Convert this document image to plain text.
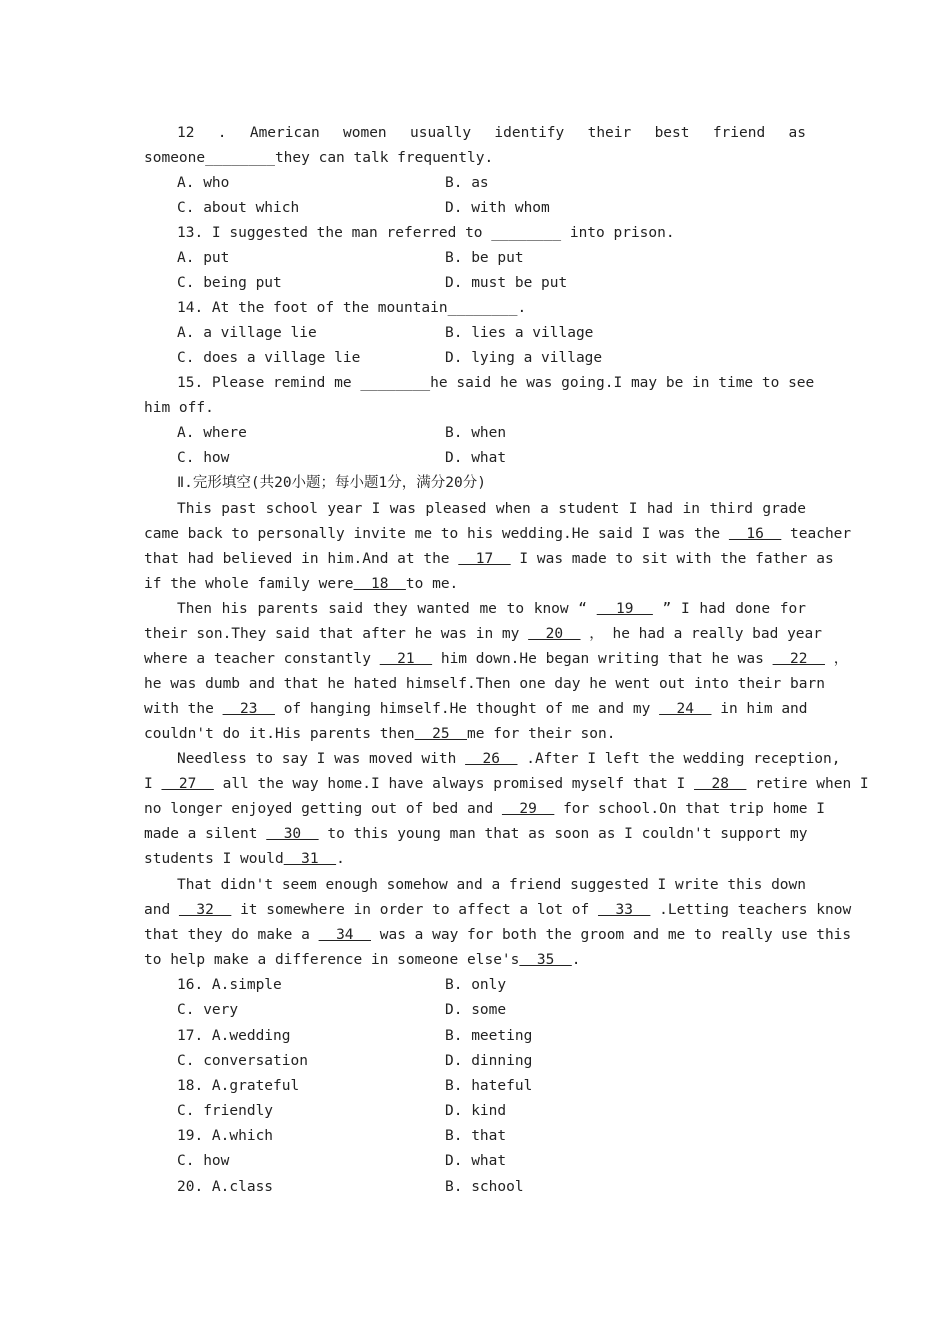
12 . American women usually identify their best friend as
someone________they can talk frequently.
A. who	B. as
C. about which	D. with whom
13. I suggested the man referred to ________ into prison.
A. put	B. be put
C. being put	D. must be put
14. At the foot of the mountain________.
A. a village lie	B. lies a village
C. does a village lie	D. lying a village
15. Please remind me ________he said he was going.I may be in time to see
him off.
A. where	B. when
C. how	D. what
Ⅱ.完形填空(共20小题；每小题1分，满分20分)
This past school year I was pleased when a student I had in third grade
came back to personally invite me to his wedding.He said I was the   16   teacher
that had believed in him.And at the   17   I was made to sit with the father as
if the whole family were  18  to me.
Then his parents said they wanted me to know “   19   ” I had done for
their son.They said that after he was in my   20   ， he had a really bad year
where a teacher constantly   21   him down.He began writing that he was   22   ，
he was dumb and that he hated himself.Then one day he went out into their barn
with the   23   of hanging himself.He thought of me and my   24   in him and
couldn't do it.His parents then  25  me for their son.
Needless to say I was moved with   26   .After I left the wedding reception,
I   27   all the way home.I have always promised myself that I   28   retire when I
no longer enjoyed getting out of bed and   29   for school.On that trip home I
made a silent   30   to this young man that as soon as I couldn't support my
students I would  31  .
That didn't seem enough somehow and a friend suggested I write this down
and   32   it somewhere in order to affect a lot of   33   .Letting teachers know
that they do make a   34   was a way for both the groom and me to really use this
to help make a difference in someone else's  35  .
16. A.simple	B. only
C. very	D. some
17. A.wedding	B. meeting
C. conversation	D. dinning
18. A.grateful	B. hateful
C. friendly	D. kind
19. A.which	B. that
C. how	D. what
20. A.class	B. school
